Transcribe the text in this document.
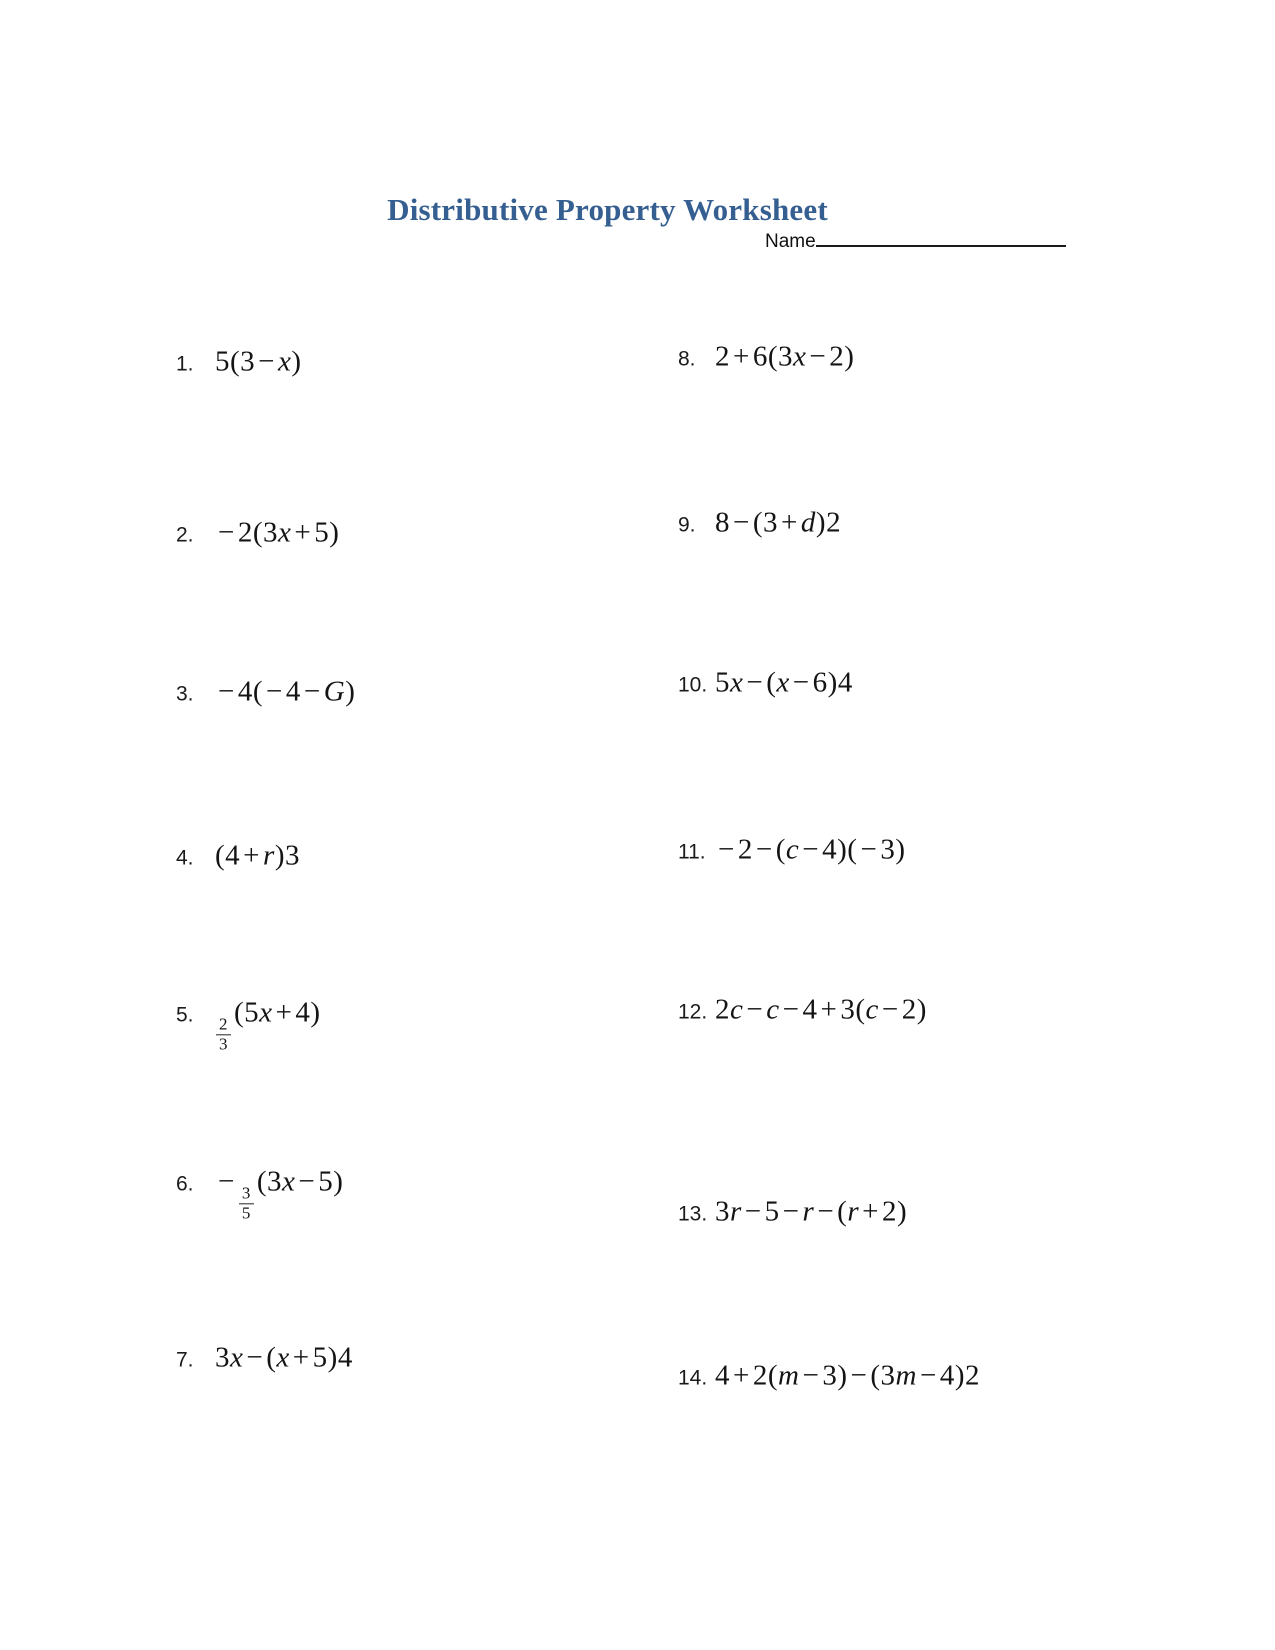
Distributive Property Worksheet
Name
1. 5(3 − x)
2. − 2(3x + 5)
3. − 4( − 4 − G)
4. (4 + r)3
5.
$\frac{2}{3}$
(5x + 4)
6. −
$\frac{3}{5}$
(3x − 5)
7. 3x − (x + 5)4
8. 2 + 6(3x − 2)
9. 8 − (3 + d)2
10. 5x − (x − 6)4
11. − 2 − (c − 4)( − 3)
12. 2c − c − 4 + 3(c − 2)
13. 3r − 5 − r − (r + 2)
14. 4 + 2(m − 3) − (3m − 4)2
